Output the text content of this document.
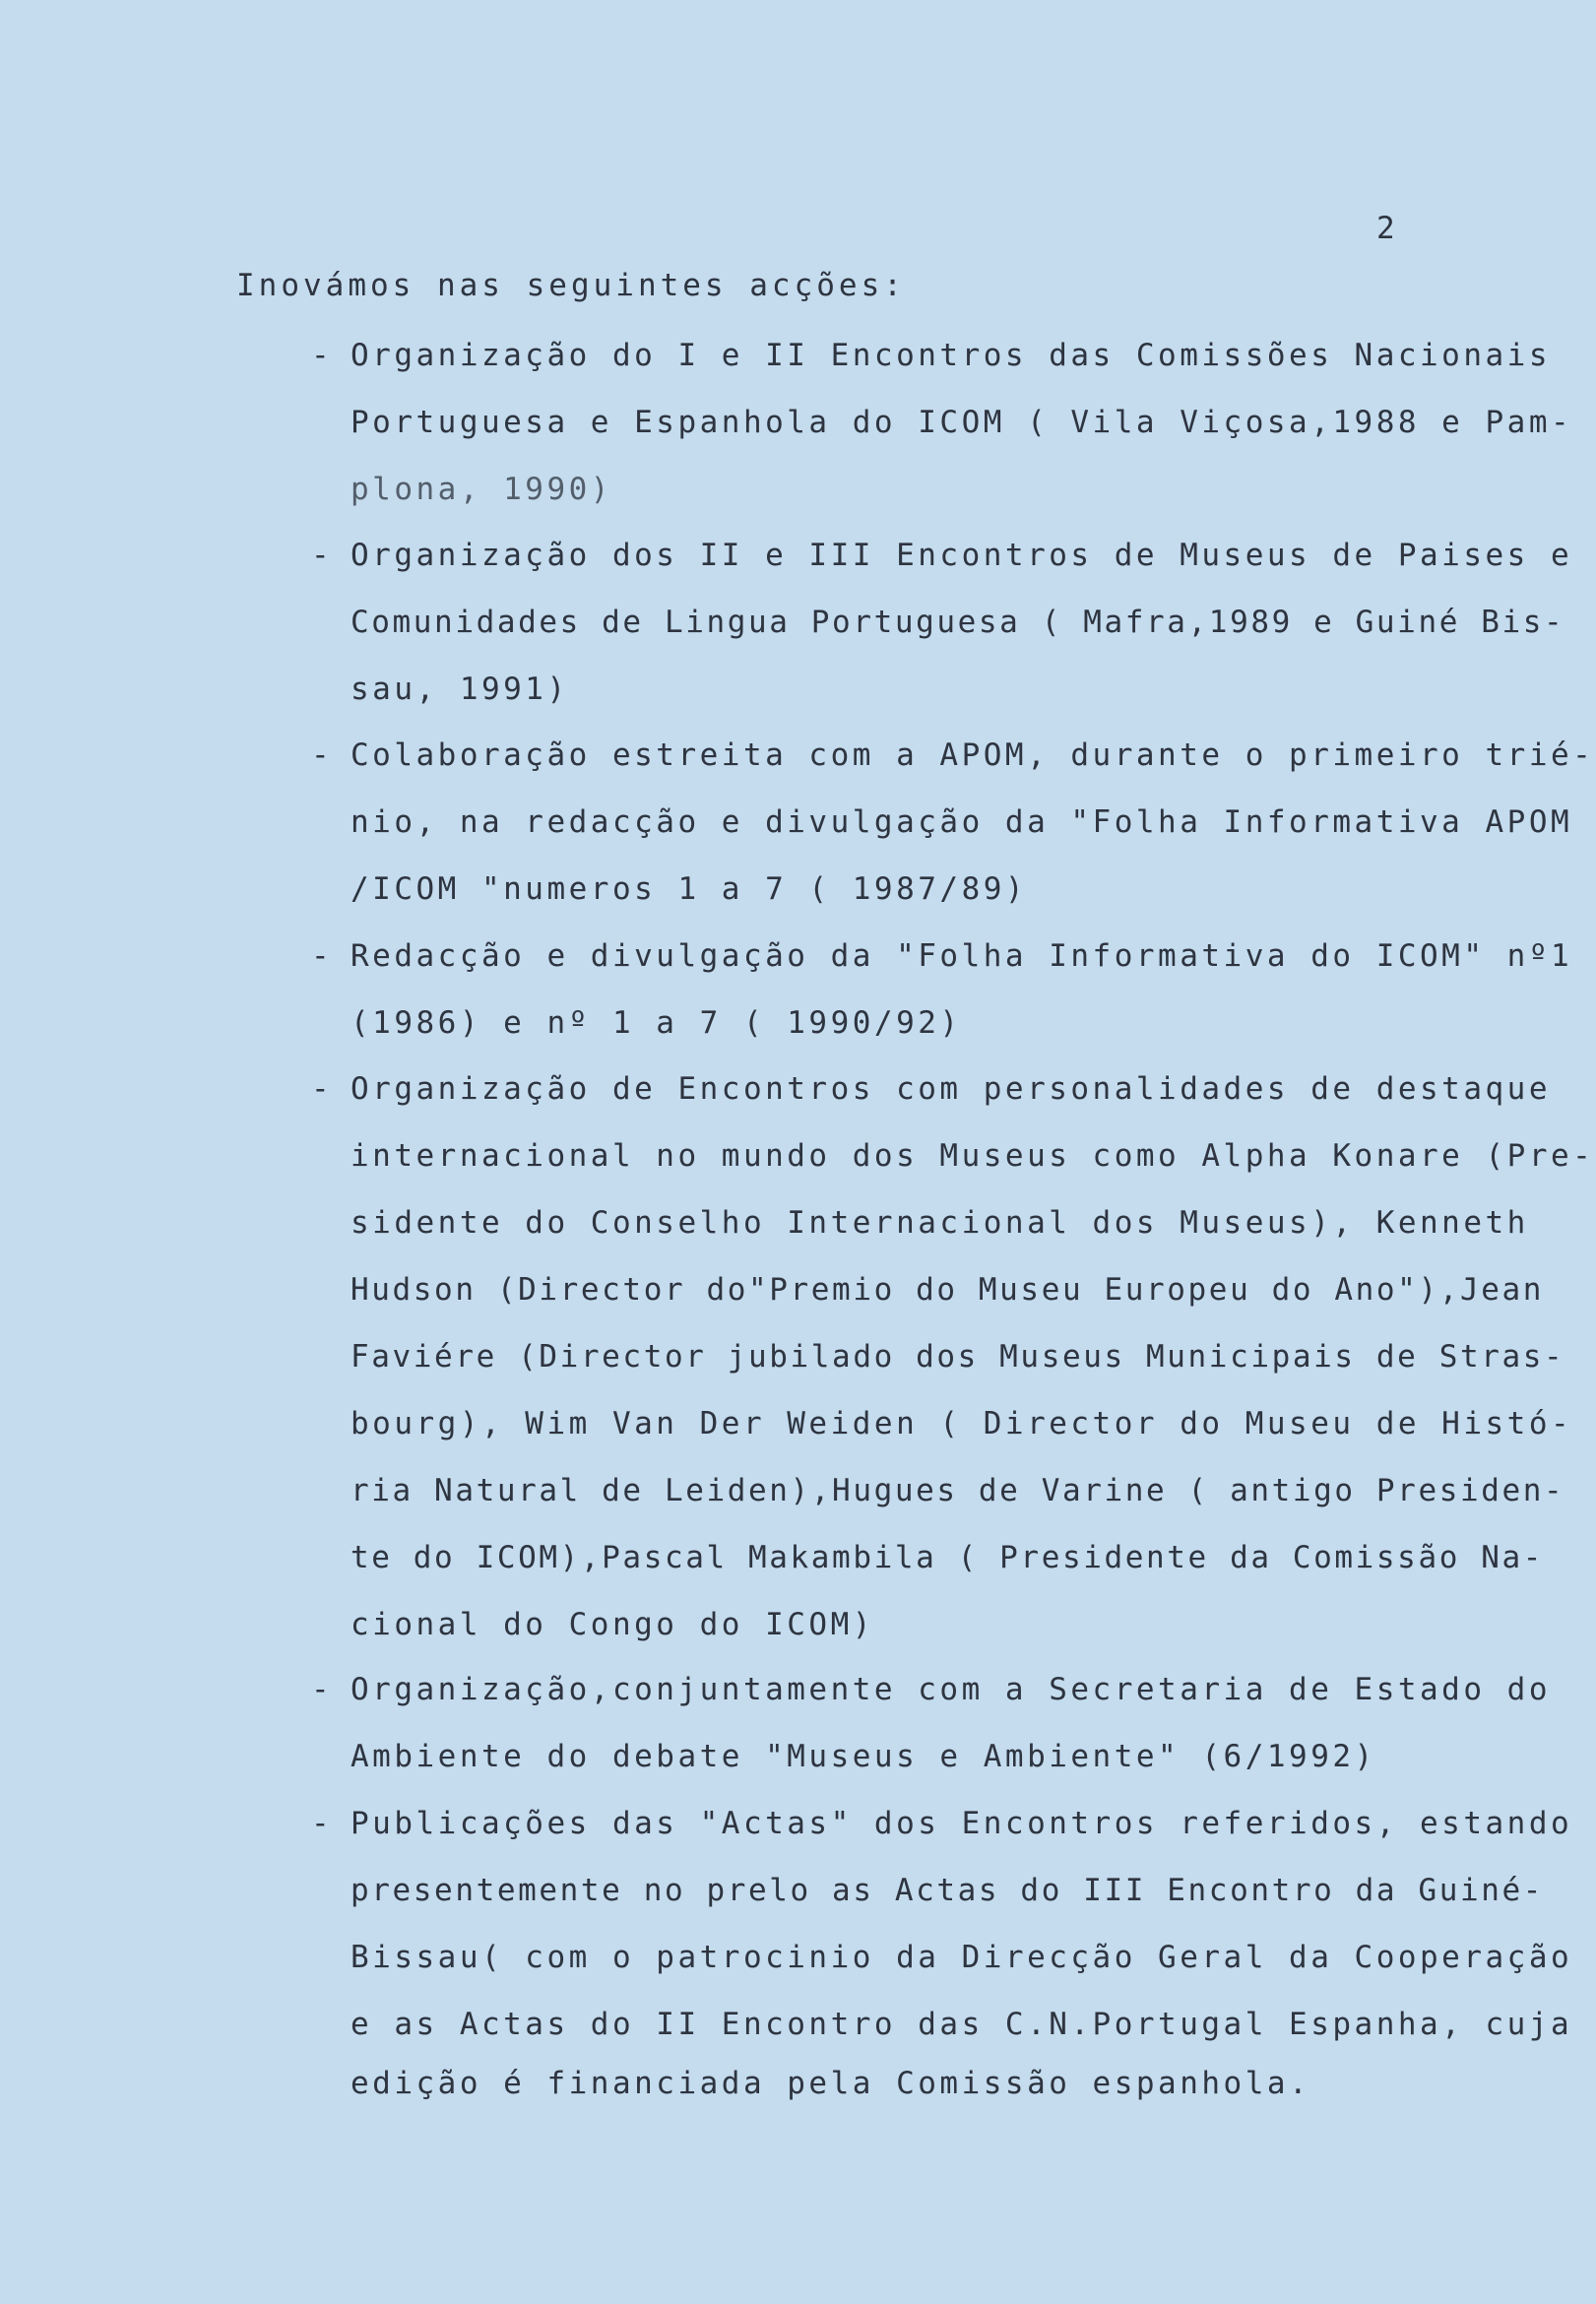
2
Inovámos nas seguintes acções:
- Organização do I e II Encontros das Comissões Nacionais
Portuguesa e Espanhola do ICOM ( Vila Viçosa,1988 e Pam-
plona, 1990)
- Organização dos II e III Encontros de Museus de Paises e
Comunidades de Lingua Portuguesa ( Mafra,1989 e Guiné Bis-
sau, 1991)
- Colaboração estreita com a APOM, durante o primeiro trié-
nio, na redacção e divulgação da "Folha Informativa APOM
/ICOM "numeros 1 a 7 ( 1987/89)
- Redacção e divulgação da "Folha Informativa do ICOM" nº1
(1986) e nº 1 a 7 ( 1990/92)
- Organização de Encontros com personalidades de destaque
internacional no mundo dos Museus como Alpha Konare (Pre-
sidente do Conselho Internacional dos Museus), Kenneth
Hudson (Director do"Premio do Museu Europeu do Ano"),Jean
Faviére (Director jubilado dos Museus Municipais de Stras-
bourg), Wim Van Der Weiden ( Director do Museu de Histó-
ria Natural de Leiden),Hugues de Varine ( antigo Presiden-
te do ICOM),Pascal Makambila ( Presidente da Comissão Na-
cional do Congo do ICOM)
- Organização,conjuntamente com a Secretaria de Estado do
Ambiente do debate "Museus e Ambiente" (6/1992)
- Publicações das "Actas" dos Encontros referidos, estando
presentemente no prelo as Actas do III Encontro da Guiné-
Bissau( com o patrocinio da Direcção Geral da Cooperação
e as Actas do II Encontro das C.N.Portugal Espanha, cuja
edição é financiada pela Comissão espanhola.
